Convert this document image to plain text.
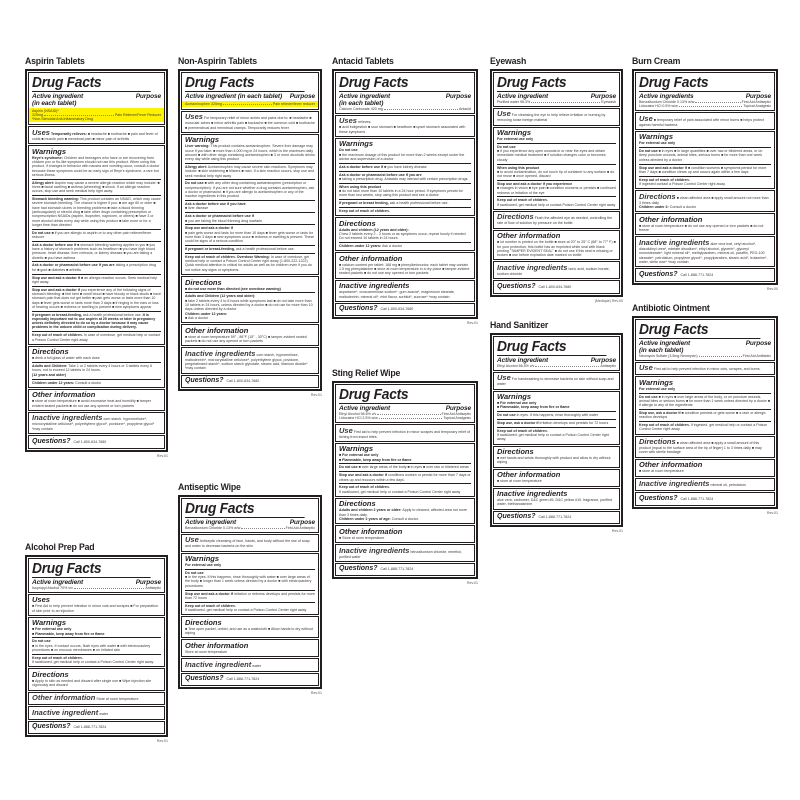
Aspirin Tablets
Drug Facts
Active ingredient
(in each tablet)
Purpose
Aspirin (NSAID)*
325mg	Pain Reliever/Fever Reducer
*Non-Steroidal Anti-Inflammatory Drug
Uses Temporarily relieves: ■ headache ■ toothache ■ pain and fever of colds ■ muscle pain ■ menstrual pain ■ minor pain of arthritis
Warnings
Reye's syndrome: Children and teenagers who have or are recovering from chicken pox or flu-like symptoms should not use this product. When using this product, if changes in behavior with nausea and vomiting occur, consult a doctor because these symptoms could be an early sign of Reye's syndrome, a rare but serious illness.
Allergy alert: Aspirin may cause a severe allergic reaction which may include: ■ hives ■ facial swelling ■ asthma (wheezing) ■ shock. If an allergic reaction occurs, stop use and seek medical help right away.
Stomach bleeding warning: This product contains an NSAID, which may cause severe stomach bleeding. The chance is higher if you: ■ are age 60 or older ■ have had stomach ulcers or bleeding problems ■ take a blood thinning (anticoagulant) or steroid drug ■ take other drugs containing prescription or nonprescription NSAIDs (aspirin, ibuprofen, naproxen, or others) ■ have 3 or more alcohol drinks every day while using this product ■ take more or for a longer time than directed
Do not use ■ if you are allergic to aspirin or to any other pain reliever/fever reducer
Ask a doctor before use if ■ stomach bleeding warning applies to you ■ you have a history of stomach problems such as heartburn ■ you have high blood pressure, heart disease, liver cirrhosis, or kidney disease ■ you are taking a diuretic ■ you have asthma
Ask a doctor or pharmacist before use if you are taking a prescription drug for ■ gout ■ diabetes ■ arthritis
Stop use and ask a doctor if ■ an allergic reaction occurs. Seek medical help right away.
Stop use and ask a doctor if you experience any of the following signs of stomach bleeding: ■ feel faint ■ vomit blood ■ have bloody or black stools ■ have stomach pain that does not get better ■ pain gets worse or lasts more than 10 days ■ fever gets worse or lasts more than 3 days ■ if ringing in the ears or loss of hearing occurs ■ redness or swelling is present ■ new symptoms appear
If pregnant or breast-feeding, ask a health professional before use. It is especially important not to use aspirin at 20 weeks or later in pregnancy unless definitely directed to do so by a doctor because it may cause problems in the unborn child or complication during delivery.
Keep out of reach of children. In case of overdose, get medical help or contact a Poison Control Center right away.
Directions
■ drink a full glass of water with each dose
Adults and Children: Take 1 or 2 tablets every 4 hours or 3 tablets every 6 hours, not to exceed 12 tablets in 24 hours.
(12 years and older)
Children under 12 years: Consult a doctor
Other information
■ store at room temperature ■ avoid excessive heat and humidity ■ tamper evident sealed packets ■ do not use any opened or torn packets
Inactive ingredients corn starch, hypromellose*, microcrystalline cellulose*, polyethylene glycol*, povidone*, propylene glycol* *may contain
Questions? Call 1-800-634-7680
Rev.01
Alcohol Prep Pad
Drug Facts
Active ingredient	Purpose
Isopropyl Alcohol 70% v/v	Antiseptic
Uses
■ First Aid to help prevent infection in minor cuts and scrapes ■ For preparation of skin prior to an injection
Warnings
■ For external use only
■ Flammable, keep away from fire or flame
Do not use
■ in the eyes. If contact occurs, flush eyes with water ■ with electrocautery procedures ■ on mucous membranes ■ on irritated skin
Keep out of reach of children.
If swallowed, get medical help or contact a Poison Control Center right away.
Directions
■ Apply to skin as needed and discard after single use ■ Wipe injection site vigorously and discard
Other information Store at room temperature
Inactive ingredient water
Questions? Call 1-888-771-7824
Rev.01
Non-Aspirin Tablets
Drug Facts
Active ingredient (in each tablet) Purpose
Acetaminophen 325mg	Pain reliever/fever reducer
Uses For temporary relief of minor aches and pains due to: ■ headache ■ muscular aches ■ minor arthritis pain ■ backache ■ the common cold ■ toothache ■ premenstrual and menstrual cramps. Temporarily reduces fever
Warnings
Liver warning: This product contains acetaminophen. Severe liver damage may occur if you take: ■ more than 4,000 mg in 24 hours, which is the maximum daily amount ■ with other drugs containing acetaminophen ■ 3 or more alcoholic drinks every day while using this product
Allergy alert: Acetaminophen may cause severe skin reactions. Symptoms may include: ■ skin reddening ■ blisters ■ rash. If a skin reaction occurs, stop use and seek medical help right away
Do not use ■ with any other drug containing acetaminophen (prescription or nonprescription). If you are not sure whether a drug contains acetaminophen, ask a doctor or pharmacist. ■ if you are allergic to acetaminophen or any of the inactive ingredients in this product
Ask a doctor before use if you have
■ liver disease
Ask a doctor or pharmacist before use if
■ you are taking the blood thinning drug warfarin
Stop use and ask a doctor if
■ pain gets worse and lasts for more than 10 days ■ fever gets worse or lasts for more than 3 days ■ new symptoms occur ■ redness or swelling is present. These could be signs of a serious condition
If pregnant or breast-feeding, ask a health professional before use.
Keep out of reach of children. Overdose Warning: In case of overdose, get medical help or contact a Poison Control Center right away (1-800-222-1222) Quick medical attention is critical for adults as well as for children even if you do not notice any signs or symptoms.
Directions
■ do not use more than directed (see overdose warning)
Adults and Children (12 years and older):
■ take 2 tablets every 4 to 6 hours while symptoms last ■ do not take more than 10 tablets in 24 hours, unless directed by a doctor ■ do not use for more than 10 days unless directed by a doctor
Children under 12 years:
■ Ask a doctor
Other information
■ store at room temperature 59° - 86°F (15° - 30°C) ■ tamper-evident sealed packets ■ do not use any opened or torn packets
Inactive ingredients corn starch, hypromellose, maltodextrin*, microcrystalline cellulose*, polyethylene glycol, povidone, pregelatinized starch*, sodium starch glycolate, stearic acid, titanium dioxide* *may contain
Questions? Call 1-800-634-7680
Rev.01
Antiseptic Wipe
Drug Facts
Active ingredient	Purpose
Benzalkonium Chloride 0.13% w/w	First Aid Antiseptic
Use Antiseptic cleansing of face, hands, and body without the use of soap and water to decrease bacteria on the skin
Warnings
For external use only
Do not use
■ in the eyes. If this happens, rinse thoroughly with water ■ over large areas of the body ■ longer than 1 week unless directed by a doctor ■ with electrocautery procedures
Stop use and ask a doctor if irritation or redness develops and persists for more than 72 hours
Keep out of reach of children.
If swallowed, get medical help or contact a Poison Control Center right away
Directions
■ Tear open packet, unfold, and use as a washcloth ■ Allow hands to dry without wiping
Other information
Store at room temperature
Inactive ingredient water
Questions? Call 1-888-771-7824
Rev.01
Antacid Tablets
Drug Facts
Active ingredient
(in each tablet)
Purpose
Calcium Carbonate 420 mg	Antacid
Uses relieves:
■ acid indigestion ■ sour stomach ■ heartburn ■ upset stomach associated with these symptoms
Warnings
Do not use
■ the maximum dosage of this product for more than 2 weeks except under the advice and supervision of a doctor
Ask a doctor before use if ■ you have kidney disease
Ask a doctor or pharmacist before use if you are
■ taking a prescription drug. Antacids may interact with certain prescription drugs.
When using this product
■ do not take more than 10 tablets in a 24 hour period. If symptoms persist for more than two weeks, stop using this product and see a doctor.
If pregnant or breast feeding, ask a health professional before use.
Keep out of reach of children.
Directions
Adults and children (12 years and older):
Chew 2 tablets every 2 - 3 hours or as symptoms occur, repeat hourly if needed. Do not exceed 10 tablets in 24 hours.
Children under 12 years: Ask a doctor
Other information
■ calcium content per tablet: 168 mg ■ phenylketonurics: each tablet may contain 1.5 mg phenylalanine ■ store at room temperature in a dry place ■ tamper-evident sealed packets ■ do not use any opened or torn packets
Inactive ingredients
aspartame*, croscarmellose sodium*, gum acacia*, magnesium stearate, maltodextrin, mineral oil*, mint flavor, sorbitol*, sucrose* *may contain
Questions? Call 1-800-634-7680
Rev.01
Sting Relief Wipe
Drug Facts
Active ingredient	Purpose
Ethyl Alcohol 56.6% v/v	First Aid Antiseptic
Lidocaine HCl 2.5% w/w	Topical Analgesic
Use First aid to help prevent infection in minor scrapes and temporary relief of itching from insect bites.
Warnings
■ For external use only
■ Flammable, keep away from fire or flame
Do not use ■ over large areas of the body ■ in eyes ■ over raw or blistered areas
Stop use and ask a doctor if conditions worsen or persist for more than 7 days or clears up and reoccurs within a few days.
Keep out of reach of children.
If swallowed, get medical help or contact a Poison Control Center right away
Directions
Adults and children 2 years or older: Apply to cleaned, affected area not more than 3 times daily.
Children under 2 years of age: Consult a doctor.
Other information
■ Store at room temperature
Inactive ingredients benzalkonium chloride, menthol, purified water
Questions? Call 1-888-771-7824
Rev.01
Eyewash
Drug Facts
Active ingredient	Purpose
Purified water 98.3%	Eyewash
Use For cleansing the eye to help relieve irritation or burning by removing loose foreign material
Warnings
For external use only
Do not use
■ if you experience any open wounds in or near the eyes and obtain immediate medical treatment ■ if solution changes color or becomes cloudy
When using this product
■ to avoid contamination, do not touch tip of container to any surface ■ do not reuse ■ once opened, discard
Stop use and ask a doctor if you experience
■ changes in vision ■ eye pain ■ condition worsens or persists ■ continued redness or irritation of the eye
Keep out of reach of children.
If swallowed, get medical help or contact Poison Control Center right away
Directions Flush the affected eye as needed, controlling the rate of flow of solution by pressure on the bottle.
Other information
■ lot number is printed on the bottle ■ store at 20° to 25° C (68° to 77° F) ■ for your protection, this bottle has an imprinted white seal with black printing "TAMPER EVIDENT SEAL" ■ do not use if this seal is missing or broken ■ use before expiration date marked on bottle
Inactive ingredients boric acid, sodium borate, sodium chloride
Questions? Call 1-800-634-7680
(Medique) Rev.00
Hand Sanitizer
Drug Facts
Active ingredient	Purpose
Ethyl Alcohol 66.5% v/v	Antiseptic
Use For handwashing to decrease bacteria on skin without soap and water
Warnings
■ For external use only
■ Flammable, keep away from fire or flame
Do not use in eyes. If this happens, rinse thoroughly with water
Stop use, ask a doctor if irritation develops and persists for 72 hours
Keep out of reach of children.
If swallowed, get medical help or contact a Poison Control Center right away.
Directions
■ wet hands and wrists thoroughly with product and allow to dry without wiping
Other information
■ store at room temperature
Inactive ingredients
aloe vera, carbomer, D&C green #5, D&C yellow #10, fragrance, purified water, triethanolamine
Questions? Call 1-888-771-7824
Rev.01
Burn Cream
Drug Facts
Active ingredients	Purpose
Benzalkonium Chloride 0.13% w/w	First Aid Antiseptic
Lidocaine HCl 0.5% w/w	Topical Analgesic
Use ■ temporary relief of pain associated with minor burns ■ helps protect against harmful bacteria
Warnings
For external use only
Do not use ■ in eyes ■ in large quantities ■ over raw or blistered areas, or on deep puncture wounds, animal bites, serious burns ■ for more than one week unless directed by a doctor
Stop use and ask a doctor if ■ condition worsens ■ symptoms persist for more than 7 days ■ condition clears up and occurs again within a few days
Keep out of reach of children.
If ingested contact a Poison Control Center right away.
Directions ■ clean affected area ■ apply small amount not more than 3 times daily
Children under 2: Consult a doctor
Other information
■ store at room temperature ■ do not use any opened or torn packets ■ do not freeze
Inactive ingredients aloe vera leaf, cetyl alcohol*, diazolidinyl urea*, edetate disodium*, ethyl alcohol, glycerin*, glyceryl monostearate*, light mineral oil*, methylparaben, mineral oil, paraffin, PEG-100 stearate*, petrolatum, propylene glycol*, propylparaben, stearic acid*, trolamine*, water, white wax* *may contain
Questions? Call 1-888-771-7824
Rev.00
Antibiotic Ointment
Drug Facts
Active ingredient
(in each tablet)
Purpose
Neomycin Sulfate (3.5mg Neomycin)	First Aid Antibiotic
Use First aid to help prevent infection in minor cuts, scrapes, and burns.
Warnings
For external use only
Do not use ■ in eyes ■ over large areas of the body, or on puncture wounds, animal bites or serious burns ■ for more than 1 week unless directed by a doctor ■ if allergic to any of the ingredients
Stop use, ask a doctor if ■ condition persists or gets worse ■ a rash or allergic reaction develops
Keep out of reach of children. If ingested, get medical help or contact a Poison Control Center right away.
Directions ■ clean affected area ■ apply a small amount of this product (equal to the surface area of the tip of finger) 1 to 3 times daily ■ may cover with sterile bandage
Other information
■ store at room temperature
Inactive ingredients mineral oil, petrolatum
Questions? Call 1-888-771-7824
Rev.01
